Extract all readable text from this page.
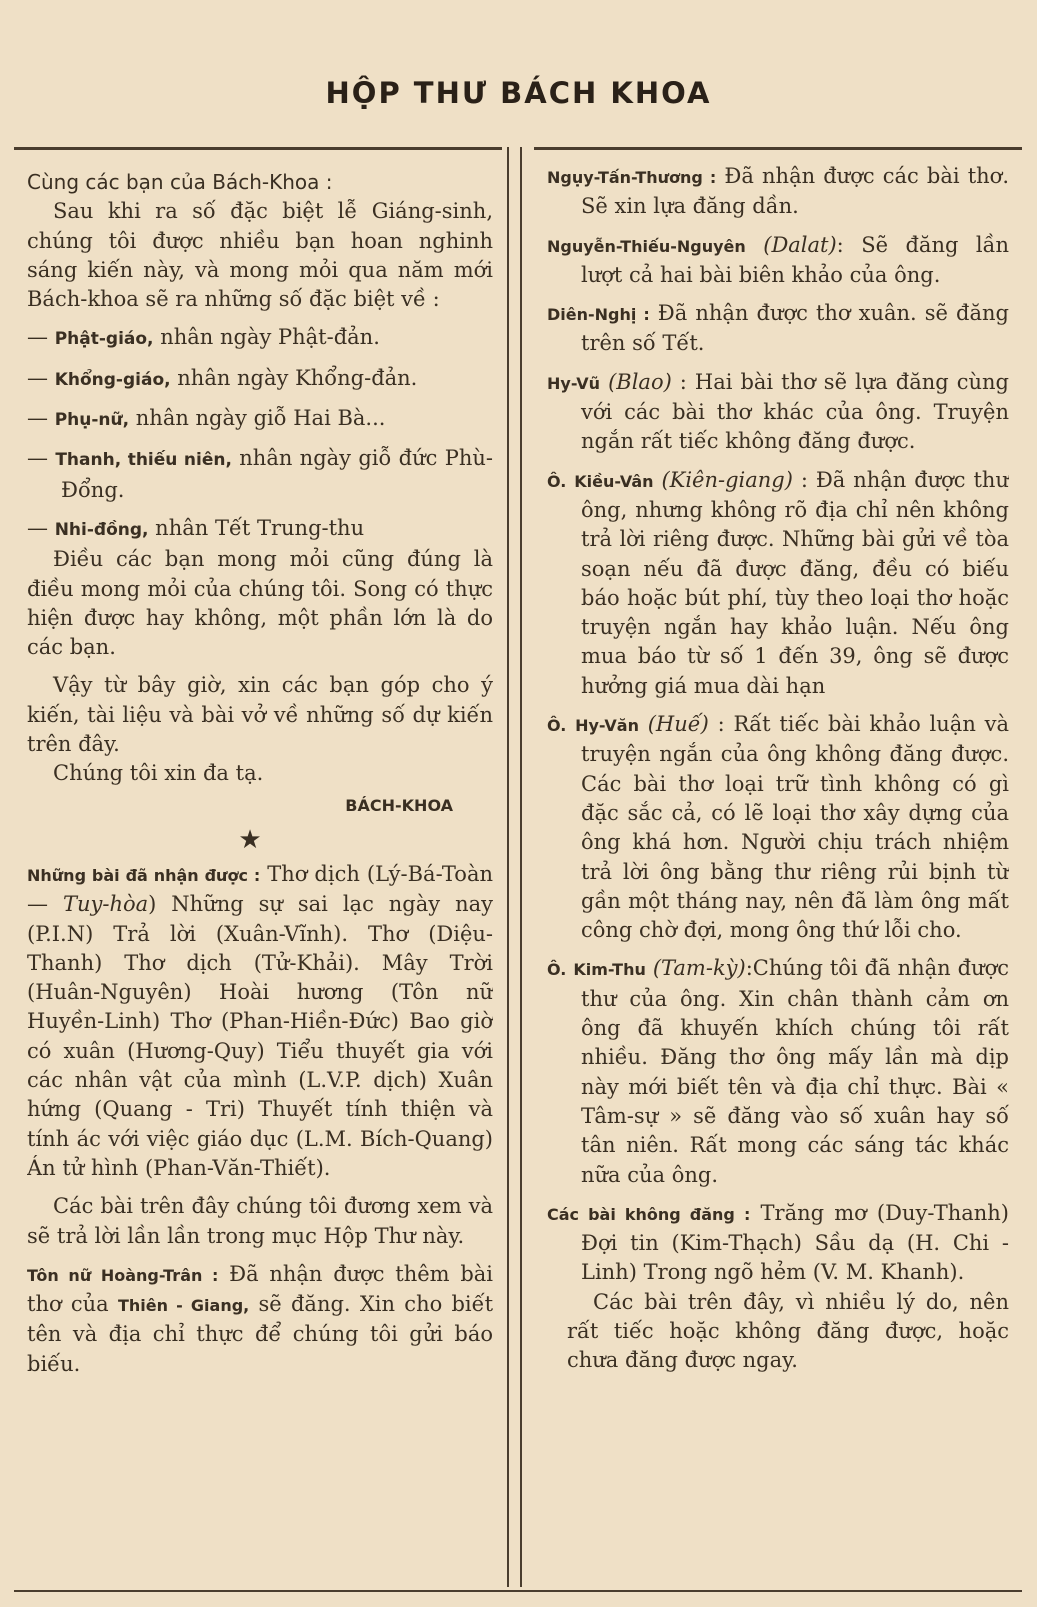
HỘP THƯ BÁCH KHOA

Cùng các bạn của Bách-Khoa :

Sau khi ra số đặc biệt lễ Giáng-sinh, chúng tôi được nhiều bạn hoan nghinh sáng kiến này, và mong mỏi qua năm mới Bách-khoa sẽ ra những số đặc biệt về :

— Phật-giáo, nhân ngày Phật-đản.

— Khổng-giáo, nhân ngày Khổng-đản.

— Phụ-nữ, nhân ngày giỗ Hai Bà...

— Thanh, thiếu niên, nhân ngày giỗ đức Phù-Đổng.

— Nhi-đồng, nhân Tết Trung-thu

Điều các bạn mong mỏi cũng đúng là điều mong mỏi của chúng tôi. Song có thực hiện được hay không, một phần lớn là do các bạn.

Vậy từ bây giờ, xin các bạn góp cho ý kiến, tài liệu và bài vở về những số dự kiến trên đây.

Chúng tôi xin đa tạ.

BÁCH-KHOA

★

Những bài đã nhận được : Thơ dịch (Lý-Bá-Toàn — Tuy-hòa) Những sự sai lạc ngày nay (P.I.N) Trả lời (Xuân-Vĩnh). Thơ (Diệu-Thanh) Thơ dịch (Tử-Khải). Mây Trời (Huân-Nguyên) Hoài hương (Tôn nữ Huyền-Linh) Thơ (Phan-Hiền-Đức) Bao giờ có xuân (Hương-Quy) Tiểu thuyết gia với các nhân vật của mình (L.V.P. dịch) Xuân hứng (Quang - Tri) Thuyết tính thiện và tính ác với việc giáo dục (L.M. Bích-Quang) Án tử hình (Phan-Văn-Thiết).

Các bài trên đây chúng tôi đương xem và sẽ trả lời lần lần trong mục Hộp Thư này.

Tôn nữ Hoàng-Trân : Đã nhận được thêm bài thơ của Thiên - Giang, sẽ đăng. Xin cho biết tên và địa chỉ thực để chúng tôi gửi báo biếu.

Ngụy-Tấn-Thương : Đã nhận được các bài thơ. Sẽ xin lựa đăng dần.

Nguyễn-Thiếu-Nguyên (Dalat): Sẽ đăng lần lượt cả hai bài biên khảo của ông.

Diên-Nghị : Đã nhận được thơ xuân. sẽ đăng trên số Tết.

Hy-Vũ (Blao) : Hai bài thơ sẽ lựa đăng cùng với các bài thơ khác của ông. Truyện ngắn rất tiếc không đăng được.

Ô. Kiều-Vân (Kiên-giang) : Đã nhận được thư ông, nhưng không rõ địa chỉ nên không trả lời riêng được. Những bài gửi về tòa soạn nếu đã được đăng, đều có biếu báo hoặc bút phí, tùy theo loại thơ hoặc truyện ngắn hay khảo luận. Nếu ông mua báo từ số 1 đến 39, ông sẽ được hưởng giá mua dài hạn

Ô. Hy-Văn (Huế) : Rất tiếc bài khảo luận và truyện ngắn của ông không đăng được. Các bài thơ loại trữ tình không có gì đặc sắc cả, có lẽ loại thơ xây dựng của ông khá hơn. Người chịu trách nhiệm trả lời ông bằng thư riêng rủi bịnh từ gần một tháng nay, nên đã làm ông mất công chờ đợi, mong ông thứ lỗi cho.

Ô. Kim-Thu (Tam-kỳ):Chúng tôi đã nhận được thư của ông. Xin chân thành cảm ơn ông đã khuyến khích chúng tôi rất nhiều. Đăng thơ ông mấy lần mà dịp này mới biết tên và địa chỉ thực. Bài « Tâm-sự » sẽ đăng vào số xuân hay số tân niên. Rất mong các sáng tác khác nữa của ông.

Các bài không đăng : Trăng mơ (Duy-Thanh) Đợi tin (Kim-Thạch) Sầu dạ (H. Chi - Linh) Trong ngõ hẻm (V. M. Khanh).

Các bài trên đây, vì nhiều lý do, nên rất tiếc hoặc không đăng được, hoặc chưa đăng được ngay.
